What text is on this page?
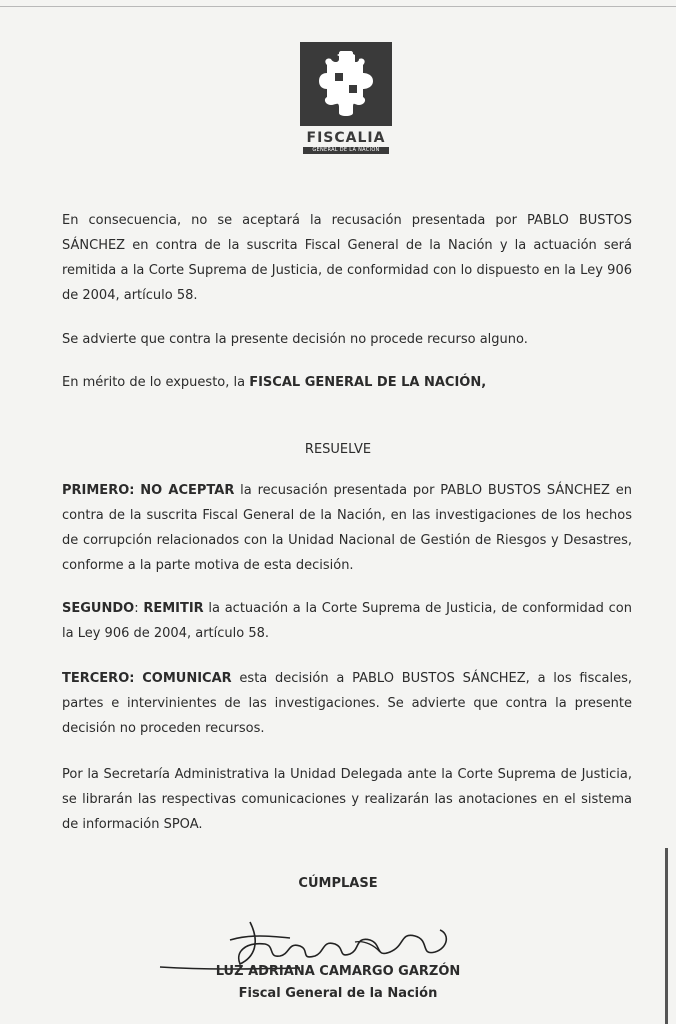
FISCALIA
GENERAL DE LA NACION

En consecuencia, no se aceptará la recusación presentada por PABLO BUSTOS SÁNCHEZ en contra de la suscrita Fiscal General de la Nación y la actuación será remitida a la Corte Suprema de Justicia, de conformidad con lo dispuesto en la Ley 906 de 2004, artículo 58.

Se advierte que contra la presente decisión no procede recurso alguno.

En mérito de lo expuesto, la FISCAL GENERAL DE LA NACIÓN,

RESUELVE

PRIMERO: NO ACEPTAR la recusación presentada por PABLO BUSTOS SÁNCHEZ en contra de la suscrita Fiscal General de la Nación, en las investigaciones de los hechos de corrupción relacionados con la Unidad Nacional de Gestión de Riesgos y Desastres, conforme a la parte motiva de esta decisión.

SEGUNDO: REMITIR la actuación a la Corte Suprema de Justicia, de conformidad con la Ley 906 de 2004, artículo 58.

TERCERO: COMUNICAR esta decisión a PABLO BUSTOS SÁNCHEZ, a los fiscales, partes e intervinientes de las investigaciones. Se advierte que contra la presente decisión no proceden recursos.

Por la Secretaría Administrativa la Unidad Delegada ante la Corte Suprema de Justicia, se librarán las respectivas comunicaciones y realizarán las anotaciones en el sistema de información SPOA.

CÚMPLASE

LUZ ADRIANA CAMARGO GARZÓN

Fiscal General de la Nación
